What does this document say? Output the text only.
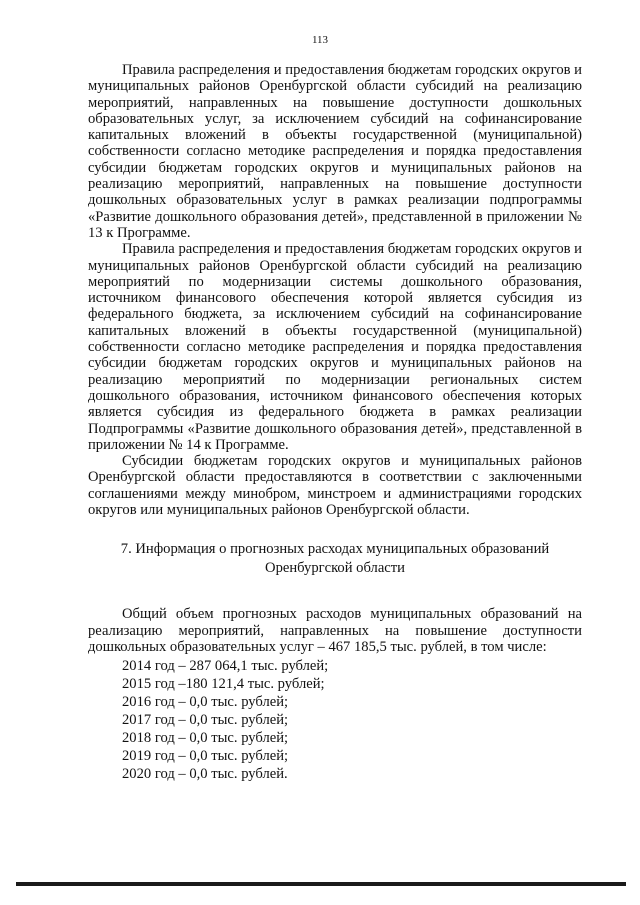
113

Правила распределения и предоставления бюджетам городских округов и муниципальных районов Оренбургской области субсидий на реализацию мероприятий, направленных на повышение доступности дошкольных образовательных услуг, за исключением субсидий на софинансирование капитальных вложений в объекты государственной (муниципальной) собственности согласно методике распределения и порядка предоставления субсидии бюджетам городских округов и муниципальных районов на реализацию мероприятий, направленных на повышение доступности дошкольных образовательных услуг в рамках реализации подпрограммы «Развитие дошкольного образования детей», представленной в приложении № 13 к Программе.

Правила распределения и предоставления бюджетам городских округов и муниципальных районов Оренбургской области субсидий на реализацию мероприятий по модернизации системы дошкольного образования, источником финансового обеспечения которой является субсидия из федерального бюджета, за исключением субсидий на софинансирование капитальных вложений в объекты государственной (муниципальной) собственности согласно методике распределения и порядка предоставления субсидии бюджетам городских округов и муниципальных районов на реализацию мероприятий по модернизации региональных систем дошкольного образования, источником финансового обеспечения которых является субсидия из федерального бюджета в рамках реализации Подпрограммы «Развитие дошкольного образования детей», представленной в приложении № 14 к Программе.

Субсидии бюджетам городских округов и муниципальных районов Оренбургской области предоставляются в соответствии с заключенными соглашениями между минобром, минстроем и администрациями городских округов или муниципальных районов Оренбургской области.

7. Информация о прогнозных расходах муниципальных образований
Оренбургской области

Общий объем прогнозных расходов муниципальных образований на реализацию мероприятий, направленных на повышение доступности дошкольных образовательных услуг – 467 185,5 тыс. рублей, в том числе:

2014 год – 287 064,1 тыс. рублей;
2015 год –180 121,4 тыс. рублей;
2016 год – 0,0 тыс. рублей;
2017 год – 0,0 тыс. рублей;
2018 год – 0,0 тыс. рублей;
2019 год – 0,0 тыс. рублей;
2020 год – 0,0 тыс. рублей.
